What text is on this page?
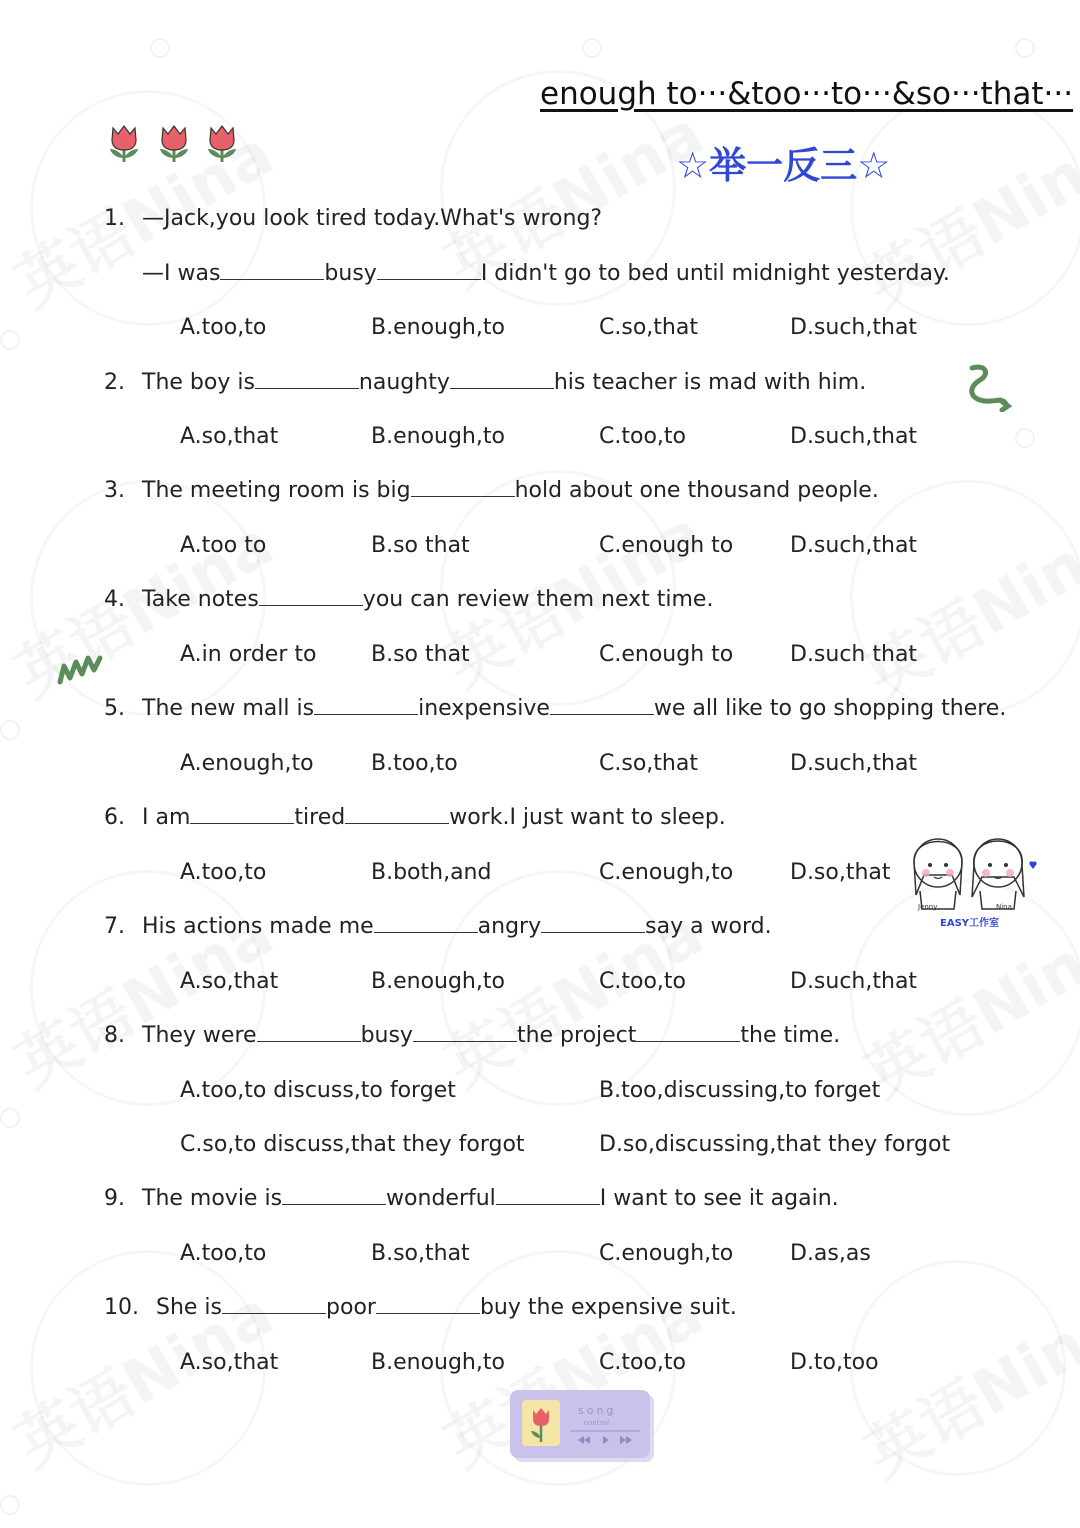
enough to···&too···to···&so···that···
☆举一反三☆
1. —Jack,you look tired today.What's wrong?
—I was	busy	I didn't go to bed until midnight yesterday.
A.too,to	B.enough,to	C.so,that	D.such,that
2. The boy is	naughty	his teacher is mad with him.
A.so,that	B.enough,to	C.too,to	D.such,that
3. The meeting room is big	hold about one thousand people.
A.too to	B.so that	C.enough to	D.such,that
4. Take notes	you can review them next time.
A.in order to B.so that	C.enough to	D.such that
5. The new mall is	inexpensive	we all like to go shopping there.
A.enough,to	B.too,to	C.so,that	D.such,that
6. I am	tired	work.I just want to sleep.
A.too,to	B.both,and	C.enough,to	D.so,that
Jenny	Nina
EASY工作室
7. His actions made me	angry	say a word.
A.so,that	B.enough,to	C.too,to	D.such,that
8. They were	busy	the project	the time.
A.too,to discuss,to forget	B.too,discussing,to forget
C.so,to discuss,that they forgot	D.so,discussing,that they forgot
9. The movie is	wonderful	I want to see it again.
A.too,to	B.so,that	C.enough,to	D.as,as
10. She is	poor	buy the expensive suit.
A.so,that	B.enough,to	C.too,to	D.to,too
song
control
